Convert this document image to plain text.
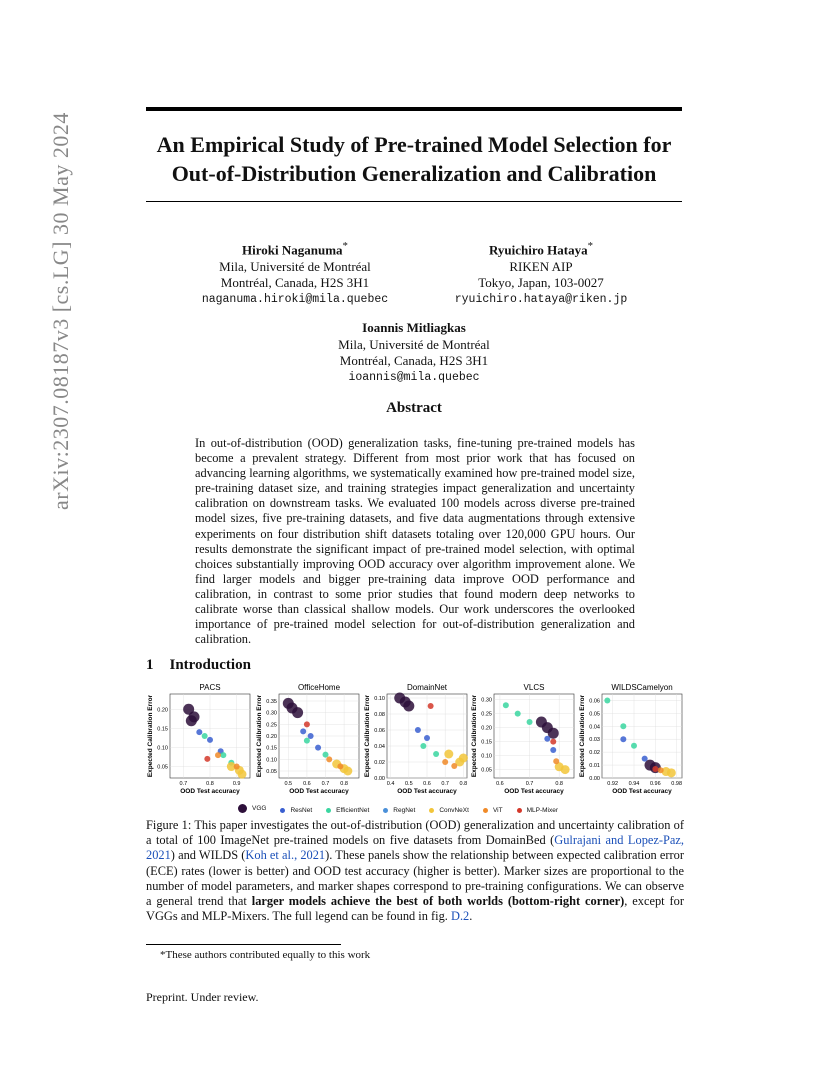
arXiv:2307.08187v3 [cs.LG] 30 May 2024	An Empirical Study of Pre-trained Model Selection for
Out-of-Distribution Generalization and Calibration
Hiroki Naganuma*
Mila, Université de Montréal
Montréal, Canada, H2S 3H1
naganuma.hiroki@mila.quebec
Ryuichiro Hataya*
RIKEN AIP
Tokyo, Japan, 103-0027
ryuichiro.hataya@riken.jp
Ioannis Mitliagkas
Mila, Université de Montréal
Montréal, Canada, H2S 3H1
ioannis@mila.quebec
Abstract

In out-of-distribution (OOD) generalization tasks, fine-tuning pre-trained models has become a prevalent strategy. Different from most prior work that has focused on advancing learning algorithms, we systematically examined how pre-trained model size, pre-training dataset size, and training strategies impact generalization and uncertainty calibration on downstream tasks. We evaluated 100 models across diverse pre-trained model sizes, five pre-training datasets, and five data augmentations through extensive experiments on four distribution shift datasets totaling over 120,000 GPU hours. Our results demonstrate the significant impact of pre-trained model selection, with optimal choices substantially improving OOD accuracy over algorithm improvement alone. We find larger models and bigger pre-training data improve OOD performance and calibration, in contrast to some prior studies that found modern deep networks to calibrate worse than classical shallow models. Our work underscores the overlooked importance of pre-trained model selection for out-of-distribution generalization and calibration.

1 Introduction
PACS
0.7	0.8	0.9
0.05
0.10
0.15
0.20
OOD Test accuracy
Expected Calibration Error
OfficeHome
0.5 0.6 0.7 0.8
0.05
0.10
0.15
0.20
0.25
0.30
0.35
OOD Test accuracy
Expected Calibration Error
DomainNet
0.4 0.5 0.6 0.7 0.8
0.00
0.02
0.04
0.06
0.08
0.10
OOD Test accuracy
Expected Calibration Error
VLCS
0.6	0.7	0.8
0.05
0.10
0.15
0.20
0.25
0.30
OOD Test accuracy
Expected Calibration Error
WILDSCamelyon
0.92 0.94 0.96 0.98
0.00
0.01
0.02
0.03
0.04
0.05
0.06
OOD Test accuracy
Expected Calibration Error
VGG	ResNet	EfficientNet	RegNet	ConvNeXt	ViT	MLP-Mixer
Figure 1: This paper investigates the out-of-distribution (OOD) generalization and uncertainty calibration of a total of 100 ImageNet pre-trained models on five datasets from DomainBed (Gulrajani and Lopez-Paz, 2021) and WILDS (Koh et al., 2021). These panels show the relationship between expected calibration error (ECE) rates (lower is better) and OOD test accuracy (higher is better). Marker sizes are proportional to the number of model parameters, and marker shapes correspond to pre-training configurations. We can observe a general trend that larger models achieve the best of both worlds (bottom-right corner), except for VGGs and MLP-Mixers. The full legend can be found in fig. D.2.
*These authors contributed equally to this work
Preprint. Under review.
